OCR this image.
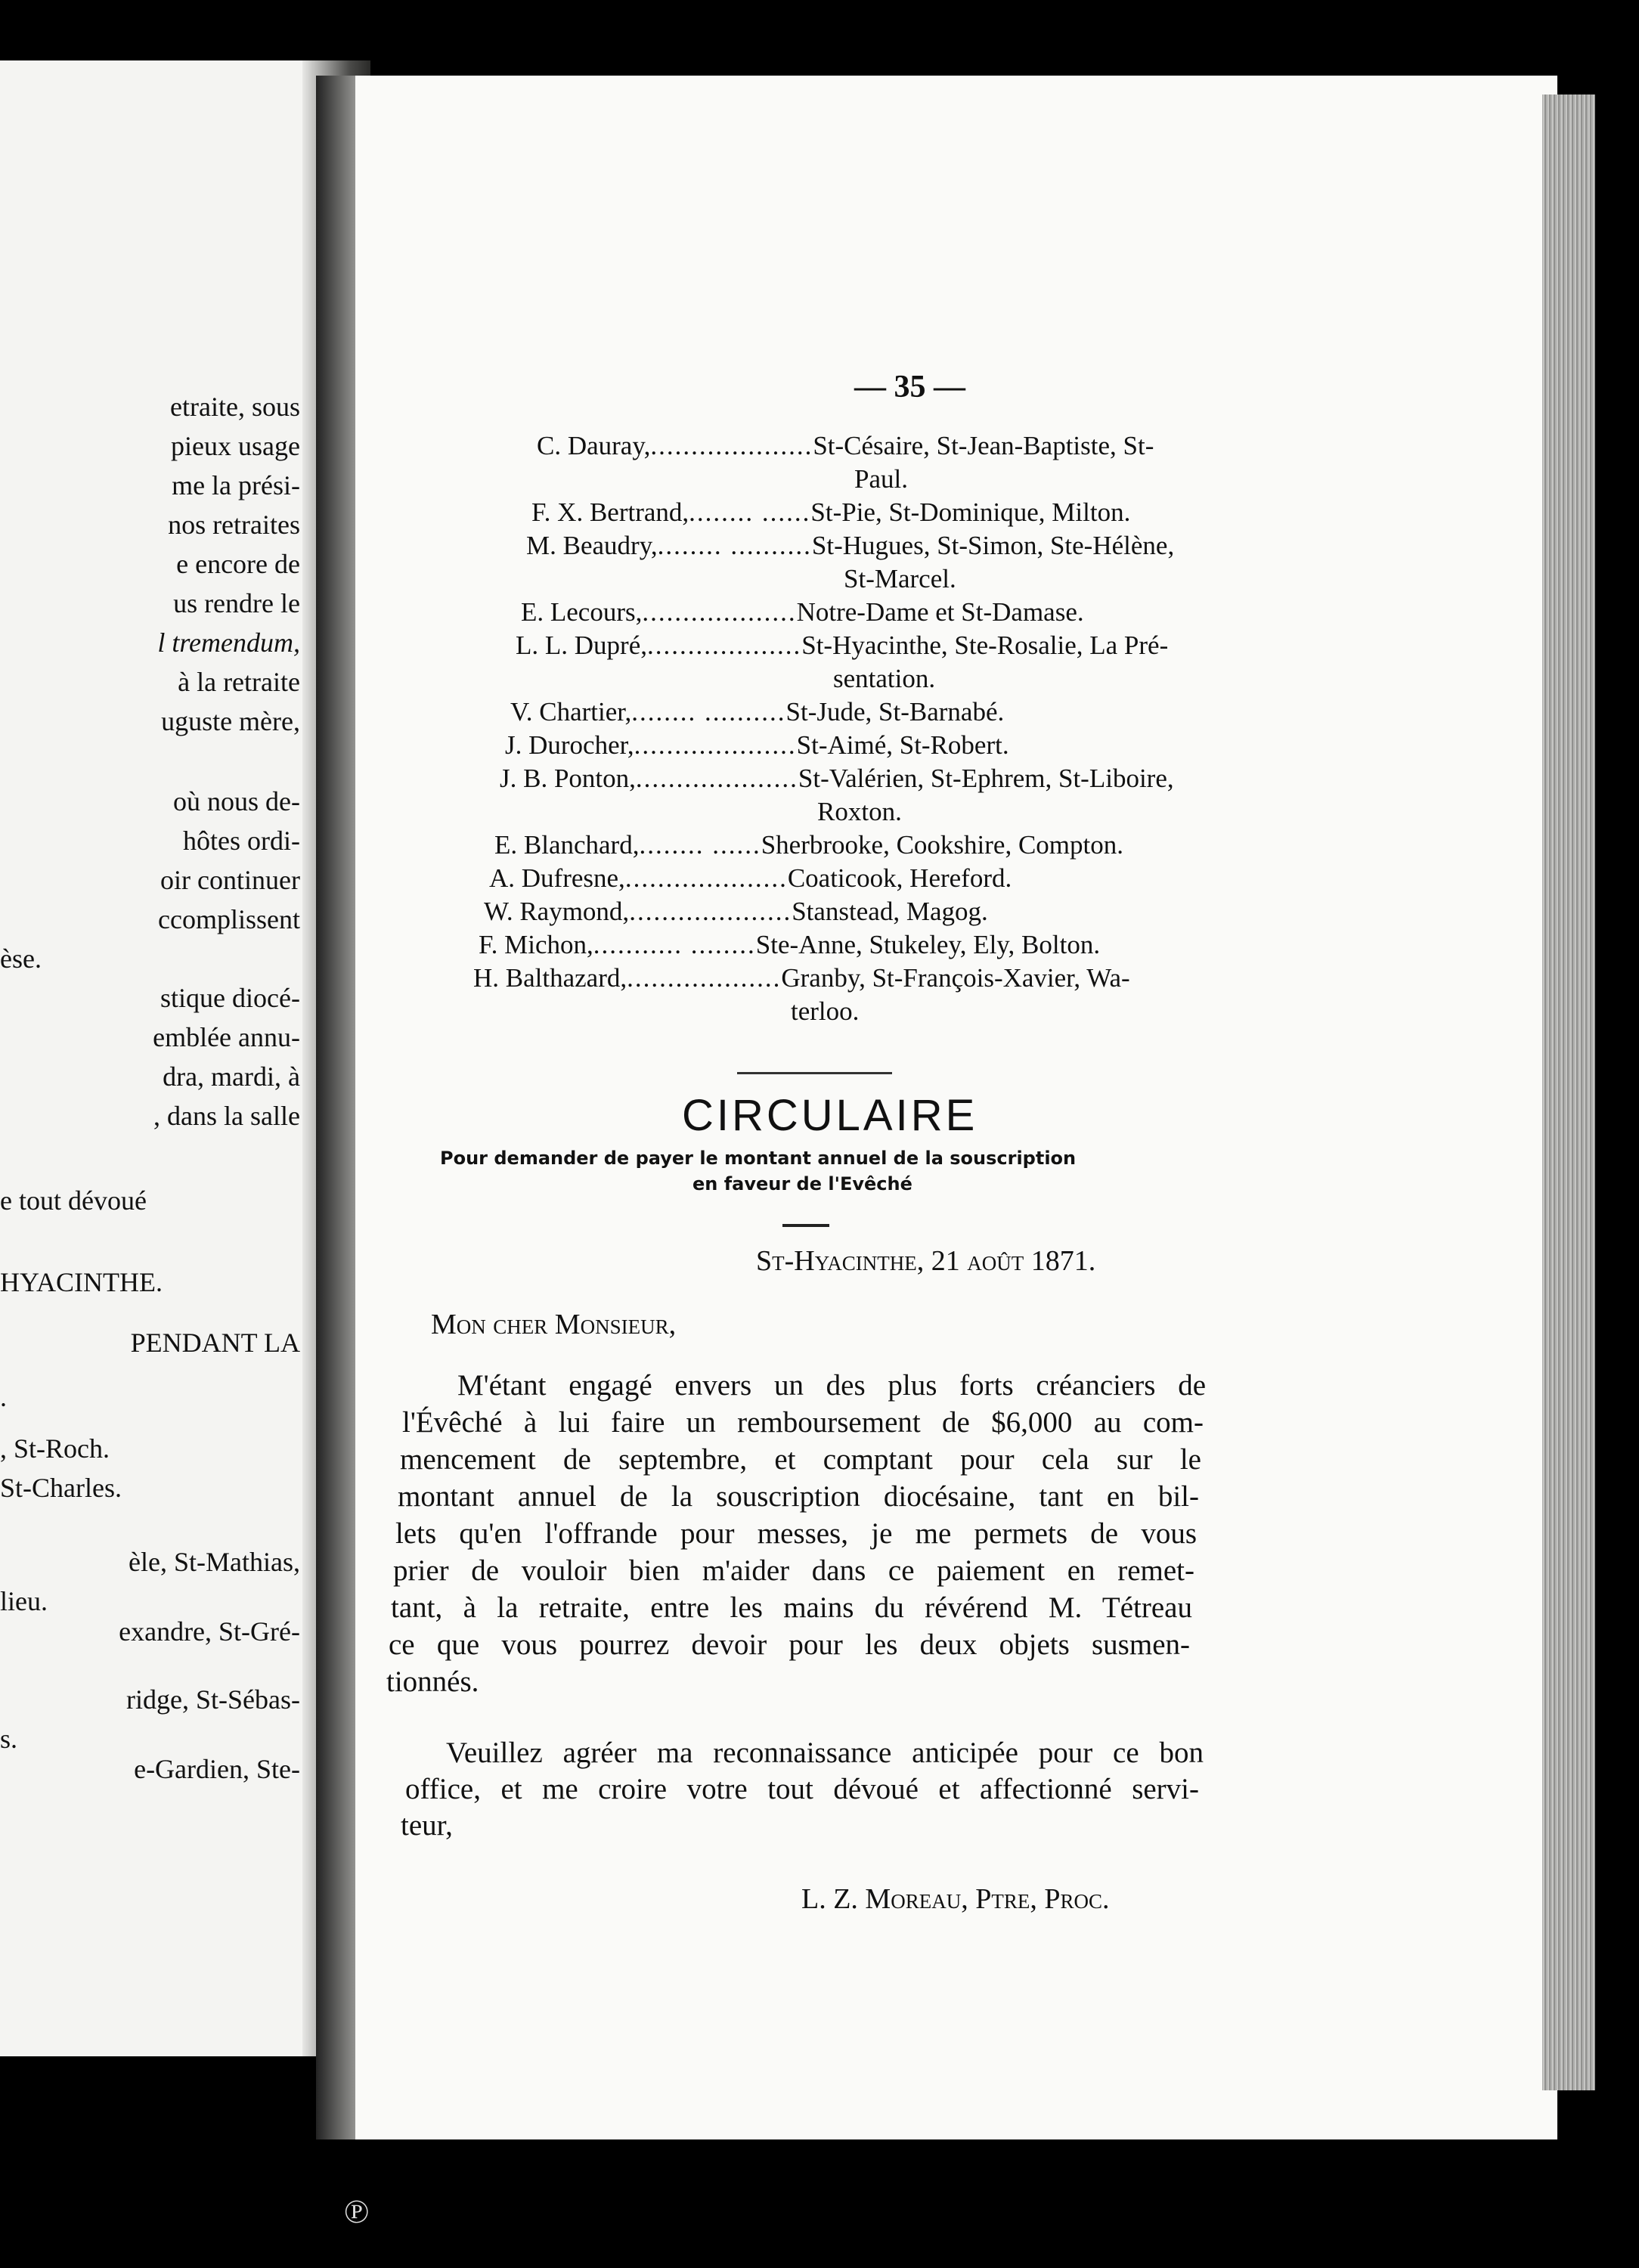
etraite, sous
pieux usage
me la prési-
nos retraites
e encore de
us rendre le
l tremendum,
à la retraite
uguste mère,
où nous de-
hôtes ordi-
oir continuer
ccomplissent
èse.
stique diocé-
emblée annu-
dra, mardi, à
, dans la salle
e tout dévoué
HYACINTHE.
PENDANT LA
.
, St-Roch.
St-Charles.
èle, St-Mathias,
lieu.
exandre, St-Gré-
ridge, St-Sébas-
s.
e-Gardien, Ste-
— 35 —
C. Dauray,....................St-Césaire, St-Jean-Baptiste, St-
Paul.
F. X. Bertrand,........ ......St-Pie, St-Dominique, Milton.
M. Beaudry,........ ..........St-Hugues, St-Simon, Ste-Hélène,
St-Marcel.
E. Lecours,...................Notre-Dame et St-Damase.
L. L. Dupré,...................St-Hyacinthe, Ste-Rosalie, La Pré-
sentation.
V. Chartier,........ ..........St-Jude, St-Barnabé.
J. Durocher,....................St-Aimé, St-Robert.
J. B. Ponton,....................St-Valérien, St-Ephrem, St-Liboire,
Roxton.
E. Blanchard,........ ......Sherbrooke, Cookshire, Compton.
A. Dufresne,....................Coaticook, Hereford.
W. Raymond,....................Stanstead, Magog.
F. Michon,........... ........Ste-Anne, Stukeley, Ely, Bolton.
H. Balthazard,...................Granby, St-François-Xavier, Wa-
terloo.
CIRCULAIRE
Pour demander de payer le montant annuel de la souscription
en faveur de l'Evêché
St-Hyacinthe, 21 août 1871.
Mon cher Monsieur,
M'étant engagé envers un des plus forts créanciers de
l'Évêché à lui faire un remboursement de $6,000 au com-
mencement de septembre, et comptant pour cela sur le
montant annuel de la souscription diocésaine, tant en bil-
lets qu'en l'offrande pour messes, je me permets de vous
prier de vouloir bien m'aider dans ce paiement en remet-
tant, à la retraite, entre les mains du révérend M. Tétreau
ce que vous pourrez devoir pour les deux objets susmen-
tionnés.
Veuillez agréer ma reconnaissance anticipée pour ce bon
office, et me croire votre tout dévoué et affectionné servi-
teur,
L. Z. Moreau, Ptre, Proc.
℗
